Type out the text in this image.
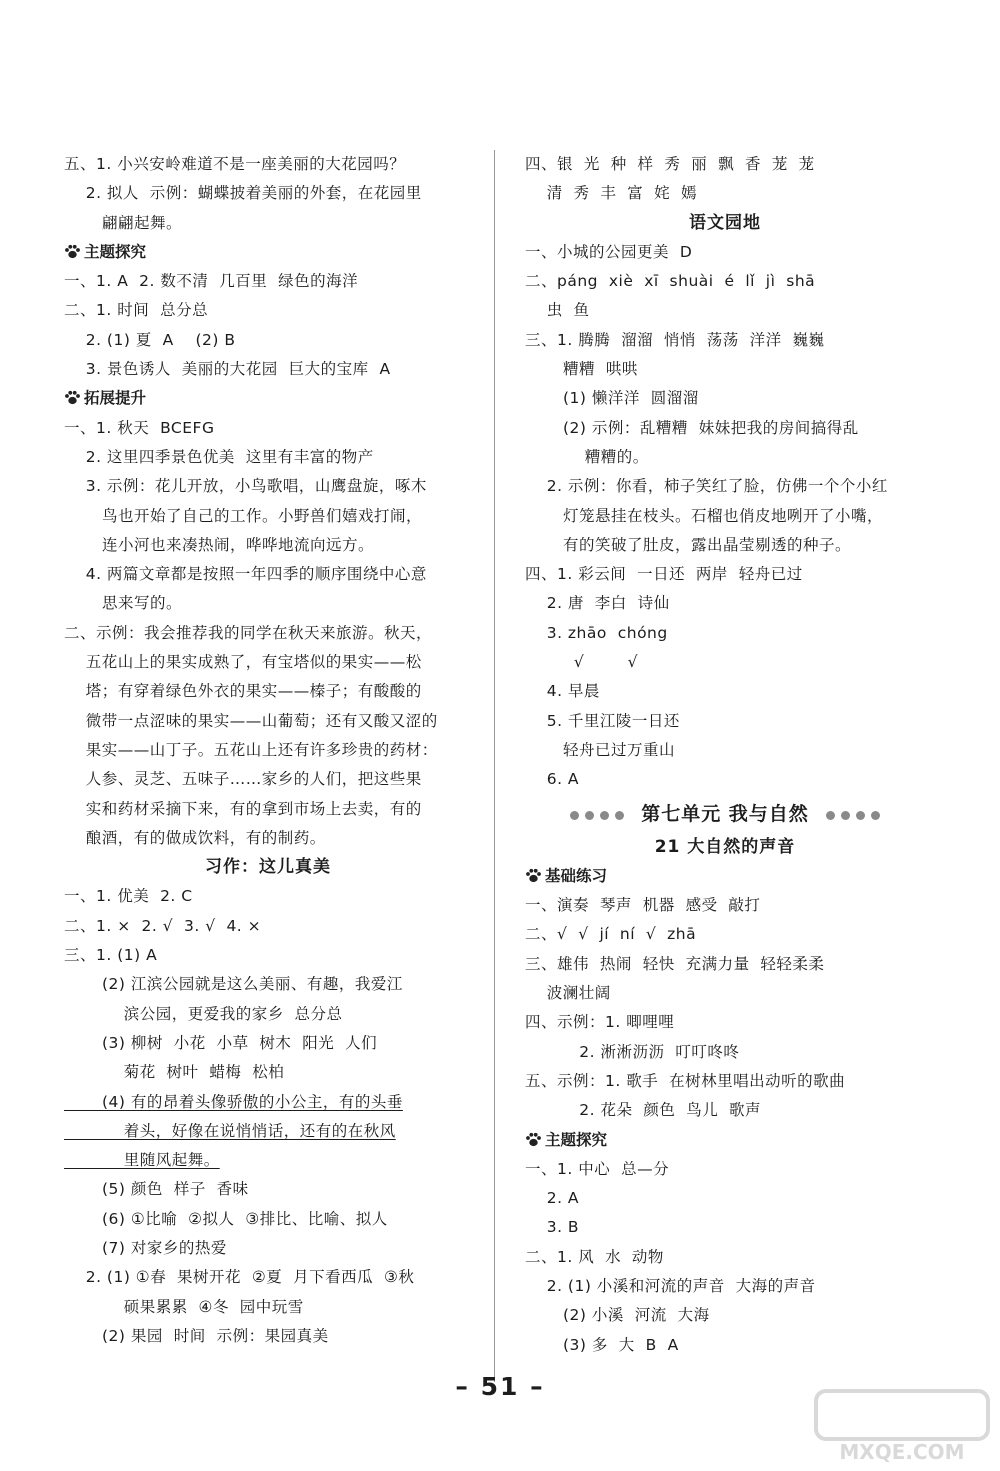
五、1. 小兴安岭难道不是一座美丽的大花园吗？
2. 拟人  示例：蝴蝶披着美丽的外套，在花园里
翩翩起舞。
主题探究
一、1. A  2. 数不清  几百里  绿色的海洋
二、1. 时间  总分总
2. (1) 夏  A    (2) B
3. 景色诱人  美丽的大花园  巨大的宝库  A
拓展提升
一、1. 秋天  BCEFG
2. 这里四季景色优美  这里有丰富的物产
3. 示例：花儿开放，小鸟歌唱，山鹰盘旋，啄木
鸟也开始了自己的工作。小野兽们嬉戏打闹，
连小河也来凑热闹，哗哗地流向远方。
4. 两篇文章都是按照一年四季的顺序围绕中心意
思来写的。
二、示例：我会推荐我的同学在秋天来旅游。秋天，
五花山上的果实成熟了，有宝塔似的果实——松
塔；有穿着绿色外衣的果实——榛子；有酸酸的
微带一点涩味的果实——山葡萄；还有又酸又涩的
果实——山丁子。五花山上还有许多珍贵的药材：
人参、灵芝、五味子……家乡的人们，把这些果
实和药材采摘下来，有的拿到市场上去卖，有的
酿酒，有的做成饮料，有的制药。
习作：这儿真美
一、1. 优美  2. C
二、1. ×  2. √  3. √  4. ×
三、1. (1) A
(2) 江滨公园就是这么美丽、有趣，我爱江
滨公园，更爱我的家乡  总分总
(3) 柳树  小花  小草  树木  阳光  人们
菊花  树叶  蜡梅  松柏
(4) 有的昂着头像骄傲的小公主，有的头垂
着头，好像在说悄悄话，还有的在秋风
里随风起舞。
(5) 颜色  样子  香味
(6) ①比喻  ②拟人  ③排比、比喻、拟人
(7) 对家乡的热爱
2. (1) ①春  果树开花  ②夏  月下看西瓜  ③秋
硕果累累  ④冬  园中玩雪
(2) 果园  时间  示例：果园真美
四、银  光  种  样  秀  丽  飘  香  茏  茏
清  秀  丰  富  姹  嫣
语文园地
一、小城的公园更美  D
二、páng  xiè  xī  shuài  é  lǐ  jì  shā
虫  鱼
三、1. 腾腾  溜溜  悄悄  荡荡  洋洋  巍巍
糟糟  哄哄
(1) 懒洋洋  圆溜溜
(2) 示例：乱糟糟  妹妹把我的房间搞得乱
糟糟的。
2. 示例：你看，柿子笑红了脸，仿佛一个个小红
灯笼悬挂在枝头。石榴也俏皮地咧开了小嘴，
有的笑破了肚皮，露出晶莹剔透的种子。
四、1. 彩云间  一日还  两岸  轻舟已过
2. 唐  李白  诗仙
3. zhāo  chóng
√        √
4. 早晨
5. 千里江陵一日还
轻舟已过万重山
6. A
第七单元 我与自然
21 大自然的声音
基础练习
一、演奏  琴声  机器  感受  敲打
二、√  √  jí  ní  √  zhā
三、雄伟  热闹  轻快  充满力量  轻轻柔柔
波澜壮阔
四、示例：1. 唧哩哩
2. 淅淅沥沥  叮叮咚咚
五、示例：1. 歌手  在树林里唱出动听的歌曲
2. 花朵  颜色  鸟儿  歌声
主题探究
一、1. 中心  总—分
2. A
3. B
二、1. 风  水  动物
2. (1) 小溪和河流的声音  大海的声音
(2) 小溪  河流  大海
(3) 多  大  B  A
– 51 –
MXQE.COM
